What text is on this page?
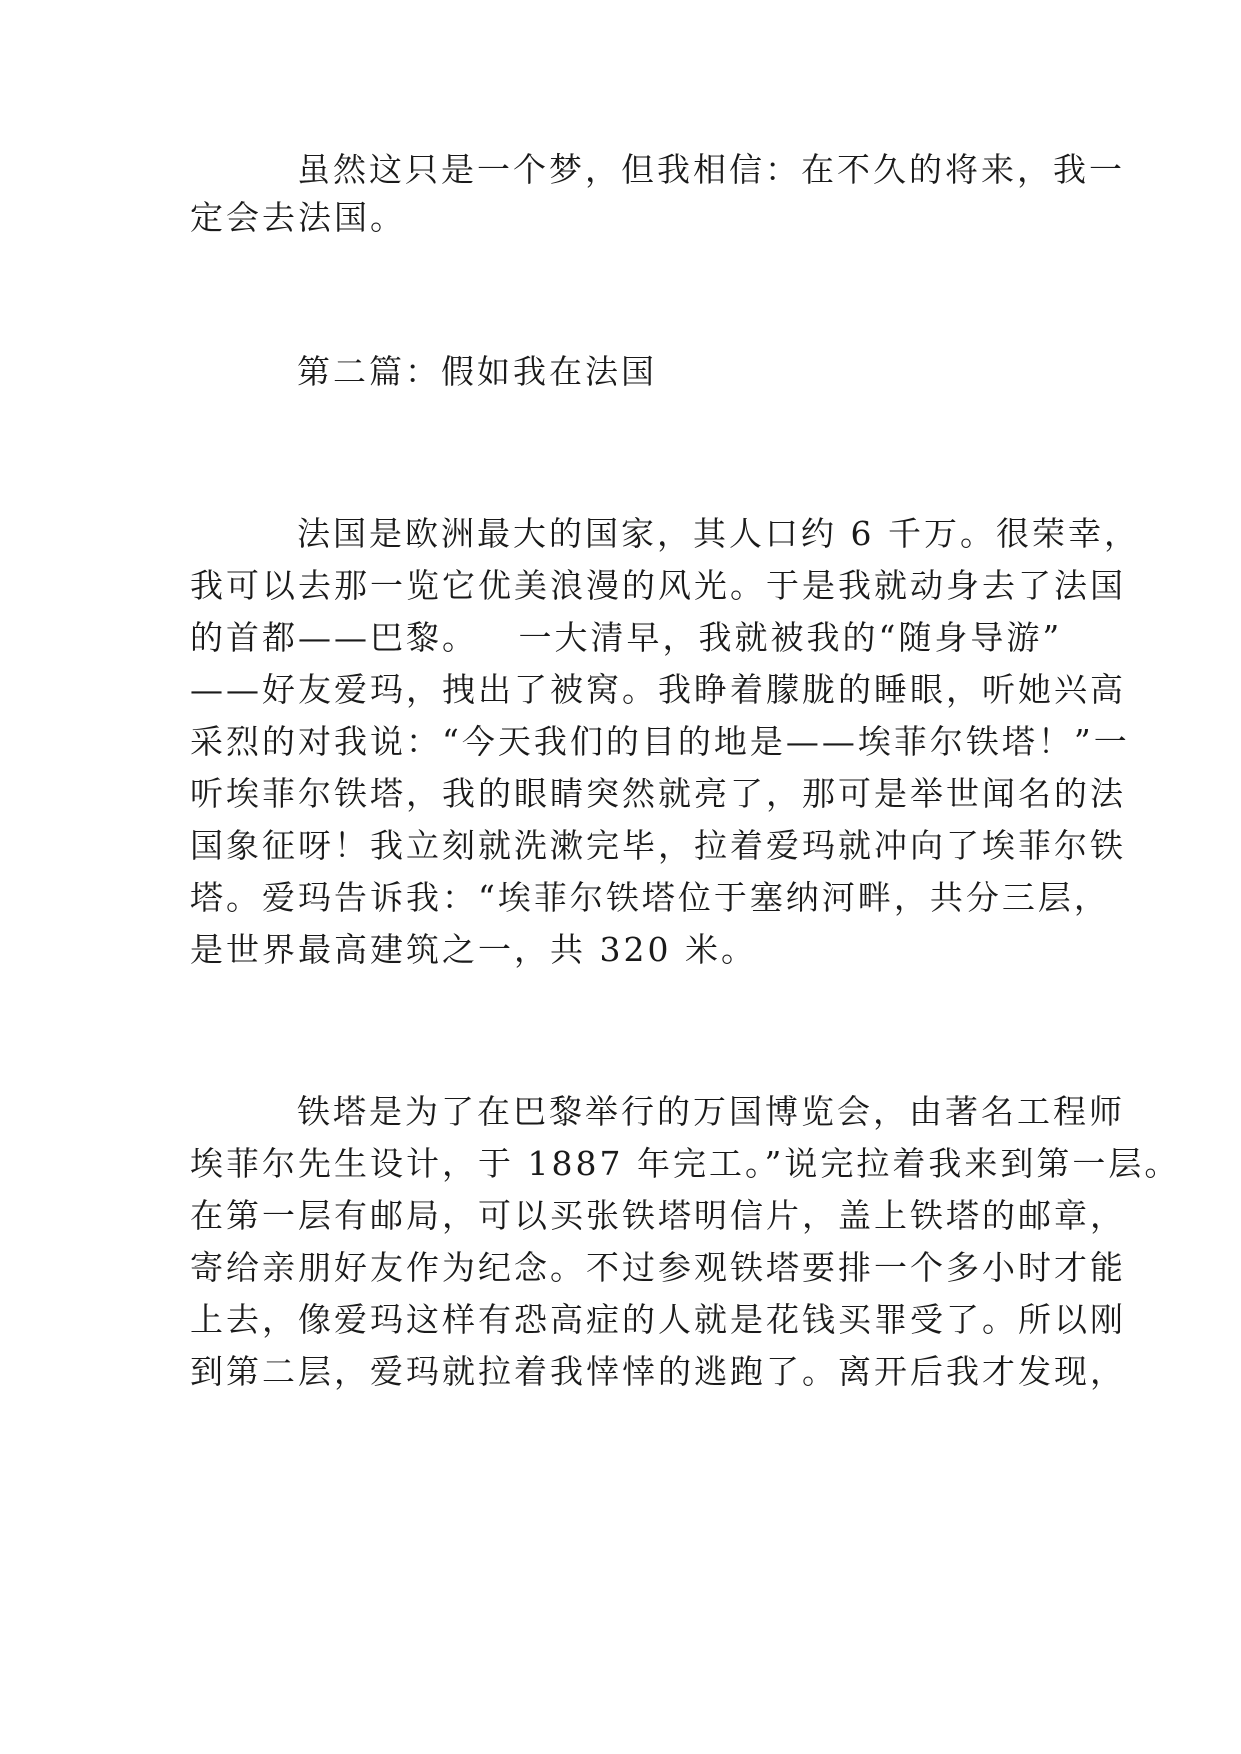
虽然这只是一个梦，但我相信：在不久的将来，我一
定会去法国。
第二篇：假如我在法国
法国是欧洲最大的国家，其人口约 6 千万。很荣幸，
我可以去那一览它优美浪漫的风光。于是我就动身去了法国
的首都——巴黎。   一大清早，我就被我的“随身导游”
——好友爱玛，拽出了被窝。我睁着朦胧的睡眼，听她兴高
采烈的对我说：“今天我们的目的地是——埃菲尔铁塔！”一
听埃菲尔铁塔，我的眼睛突然就亮了，那可是举世闻名的法
国象征呀！我立刻就洗漱完毕，拉着爱玛就冲向了埃菲尔铁
塔。爱玛告诉我：“埃菲尔铁塔位于塞纳河畔，共分三层，
是世界最高建筑之一，共 320 米。
铁塔是为了在巴黎举行的万国博览会，由著名工程师
埃菲尔先生设计，于 1887 年完工。”说完拉着我来到第一层。
在第一层有邮局，可以买张铁塔明信片，盖上铁塔的邮章，
寄给亲朋好友作为纪念。不过参观铁塔要排一个多小时才能
上去，像爱玛这样有恐高症的人就是花钱买罪受了。所以刚
到第二层，爱玛就拉着我悻悻的逃跑了。离开后我才发现，
